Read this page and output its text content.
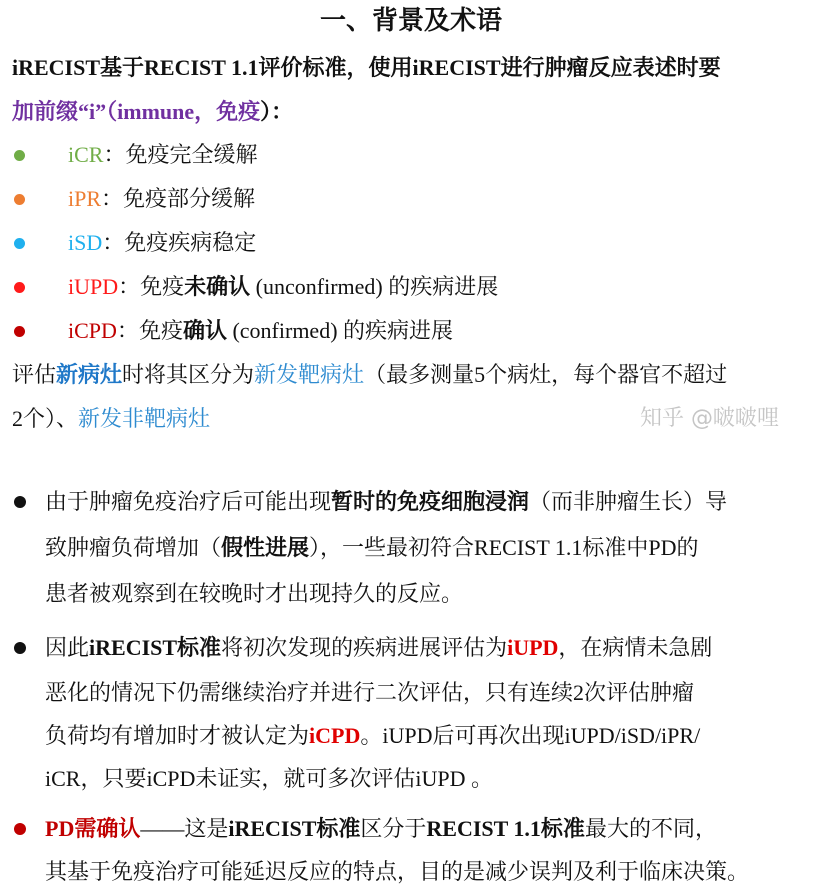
一、背景及术语
iRECIST基于RECIST 1.1评价标准，使用iRECIST进行肿瘤反应表述时要
加前缀“i”（immune，免疫）：
iCR：免疫完全缓解
iPR：免疫部分缓解
iSD：免疫疾病稳定
iUPD：免疫未确认 (unconfirmed) 的疾病进展
iCPD：免疫确认 (confirmed) 的疾病进展
评估新病灶时将其区分为新发靶病灶（最多测量5个病灶，每个器官不超过
2个）、新发非靶病灶
由于肿瘤免疫治疗后可能出现暂时的免疫细胞浸润（而非肿瘤生长）导
致肿瘤负荷增加（假性进展），一些最初符合RECIST 1.1标准中PD的
患者被观察到在较晚时才出现持久的反应。
因此iRECIST标准将初次发现的疾病进展评估为iUPD，在病情未急剧
恶化的情况下仍需继续治疗并进行二次评估，只有连续2次评估肿瘤
负荷均有增加时才被认定为iCPD。iUPD后可再次出现iUPD/iSD/iPR/
iCR，只要iCPD未证实，就可多次评估iUPD 。
PD需确认——这是iRECIST标准区分于RECIST 1.1标准最大的不同，
其基于免疫治疗可能延迟反应的特点，目的是减少误判及利于临床决策。
知乎 @啵啵哩
